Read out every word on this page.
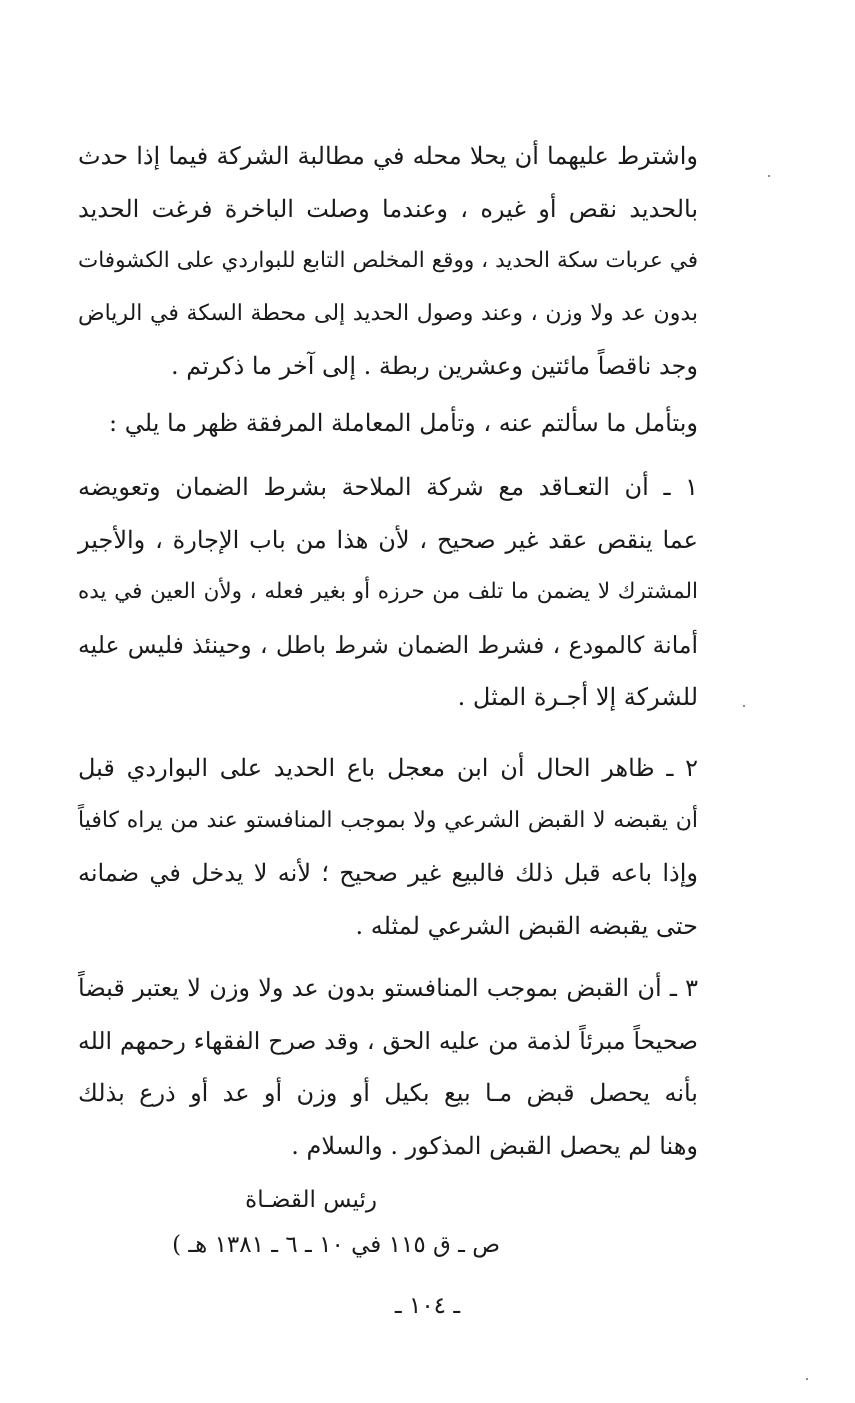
واشترط عليهما أن يحلا محله في مطالبة الشركة فيما إذا حدث
بالحديد نقص أو غيره ، وعندما وصلت الباخرة فرغت الحديد
في عربات سكة الحديد ، ووقع المخلص التابع للبواردي على الكشوفات
بدون عد ولا وزن ، وعند وصول الحديد إلى محطة السكة في الرياض
وجد ناقصاً مائتين وعشرين ربطة . إلى آخر ما ذكرتم .
وبتأمل ما سألتم عنه ، وتأمل المعاملة المرفقة ظهر ما يلي :
١ ـ أن التعـاقد مع شركة الملاحة بشرط الضمان وتعويضه
عما ينقص عقد غير صحيح ، لأن هذا من باب الإجارة ، والأجير
المشترك لا يضمن ما تلف من حرزه أو بغير فعله ، ولأن العين في يده
أمانة كالمودع ، فشرط الضمان شرط باطل ، وحينئذ فليس عليه
للشركة إلا أجـرة المثل .
٢ ـ ظاهر الحال أن ابن معجل باع الحديد على البواردي قبل
أن يقبضه لا القبض الشرعي ولا بموجب المنافستو عند من يراه كافياً
وإذا باعه قبل ذلك فالبيع غير صحيح ؛ لأنه لا يدخل في ضمانه
حتى يقبضه القبض الشرعي لمثله .
٣ ـ أن القبض بموجب المنافستو بدون عد ولا وزن لا يعتبر قبضاً
صحيحاً مبرئاً لذمة من عليه الحق ، وقد صرح الفقهاء رحمهم الله
بأنه يحصل قبض مـا بيع بكيل أو وزن أو عد أو ذرع بذلك
وهنا لم يحصل القبض المذكور . والسلام .
رئيس القضـاة
ص ـ ق ١١٥ في ١٠ ـ ٦ ـ ١٣٨١ هـ )
ـ ١٠٤ ـ
